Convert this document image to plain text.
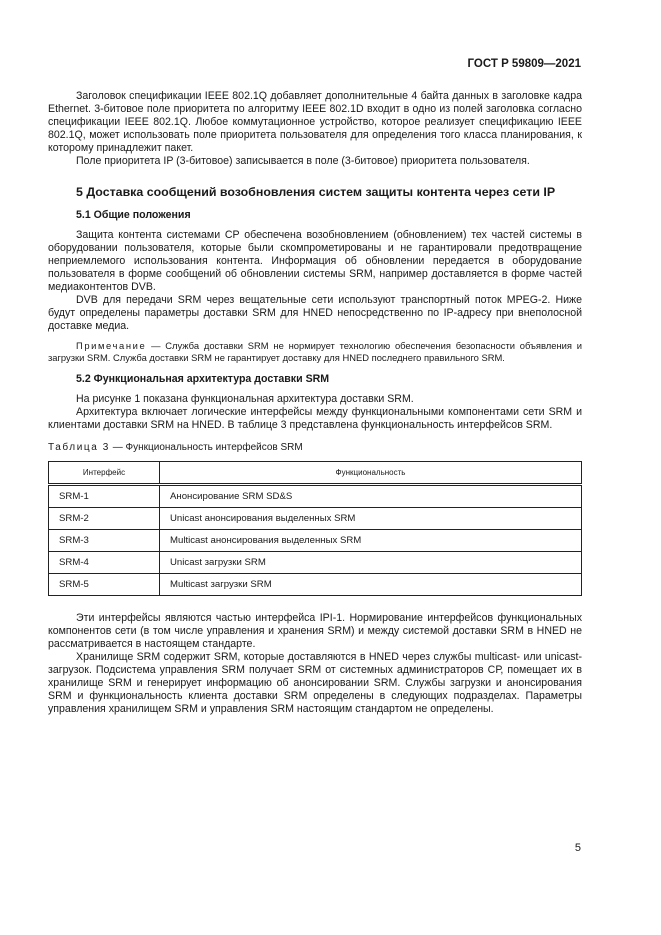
ГОСТ Р 59809—2021

Заголовок спецификации IEEE 802.1Q добавляет дополнительные 4 байта данных в заголовке кадра Ethernet. 3-битовое поле приоритета по алгоритму IEEE 802.1D входит в одно из полей заголовка согласно спецификации IEEE 802.1Q. Любое коммутационное устройство, которое реализует спецификацию IEEE 802.1Q, может использовать поле приоритета пользователя для определения того класса планирования, к которому принадлежит пакет.

Поле приоритета IP (3-битовое) записывается в поле (3-битовое) приоритета пользователя.

5 Доставка сообщений возобновления систем защиты контента через сети IP
5.1 Общие положения

Защита контента системами СР обеспечена возобновлением (обновлением) тех частей системы в оборудовании пользователя, которые были скомпрометированы и не гарантировали предотвращение неприемлемого использования контента. Информация об обновлении передается в оборудование пользователя в форме сообщений об обновлении системы SRM, например доставляется в форме частей медиаконтентов DVB.

DVB для передачи SRM через вещательные сети используют транспортный поток MPEG-2. Ниже будут определены параметры доставки SRM для HNED непосредственно по IP-адресу при внеполосной доставке медиа.

Примечание — Служба доставки SRM не нормирует технологию обеспечения безопасности объявления и загрузки SRM. Служба доставки SRM не гарантирует доставку для HNED последнего правильного SRM.
5.2 Функциональная архитектура доставки SRM

На рисунке 1 показана функциональная архитектура доставки SRM.

Архитектура включает логические интерфейсы между функциональными компонентами сети SRM и клиентами доставки SRM на HNED. В таблице 3 представлена функциональность интерфейсов SRM.

Таблица 3 — Функциональность интерфейсов SRM
Интерфейс	Функциональность
SRM-1	Анонсирование SRM SD&S
SRM-2	Unicast анонсирования выделенных SRM
SRM-3	Multicast анонсирования выделенных SRM
SRM-4	Unicast загрузки SRM
SRM-5	Multicast загрузки SRM

Эти интерфейсы являются частью интерфейса IPI-1. Нормирование интерфейсов функциональных компонентов сети (в том числе управления и хранения SRM) и между системой доставки SRM в HNED не рассматривается в настоящем стандарте.

Хранилище SRM содержит SRM, которые доставляются в HNED через службы multicast- или unicast-загрузок. Подсистема управления SRM получает SRM от системных администраторов СР, помещает их в хранилище SRM и генерирует информацию об анонсировании SRM. Службы загрузки и анонсирования SRM и функциональность клиента доставки SRM определены в следующих подразделах. Параметры управления хранилищем SRM и управления SRM настоящим стандартом не определены.

5
